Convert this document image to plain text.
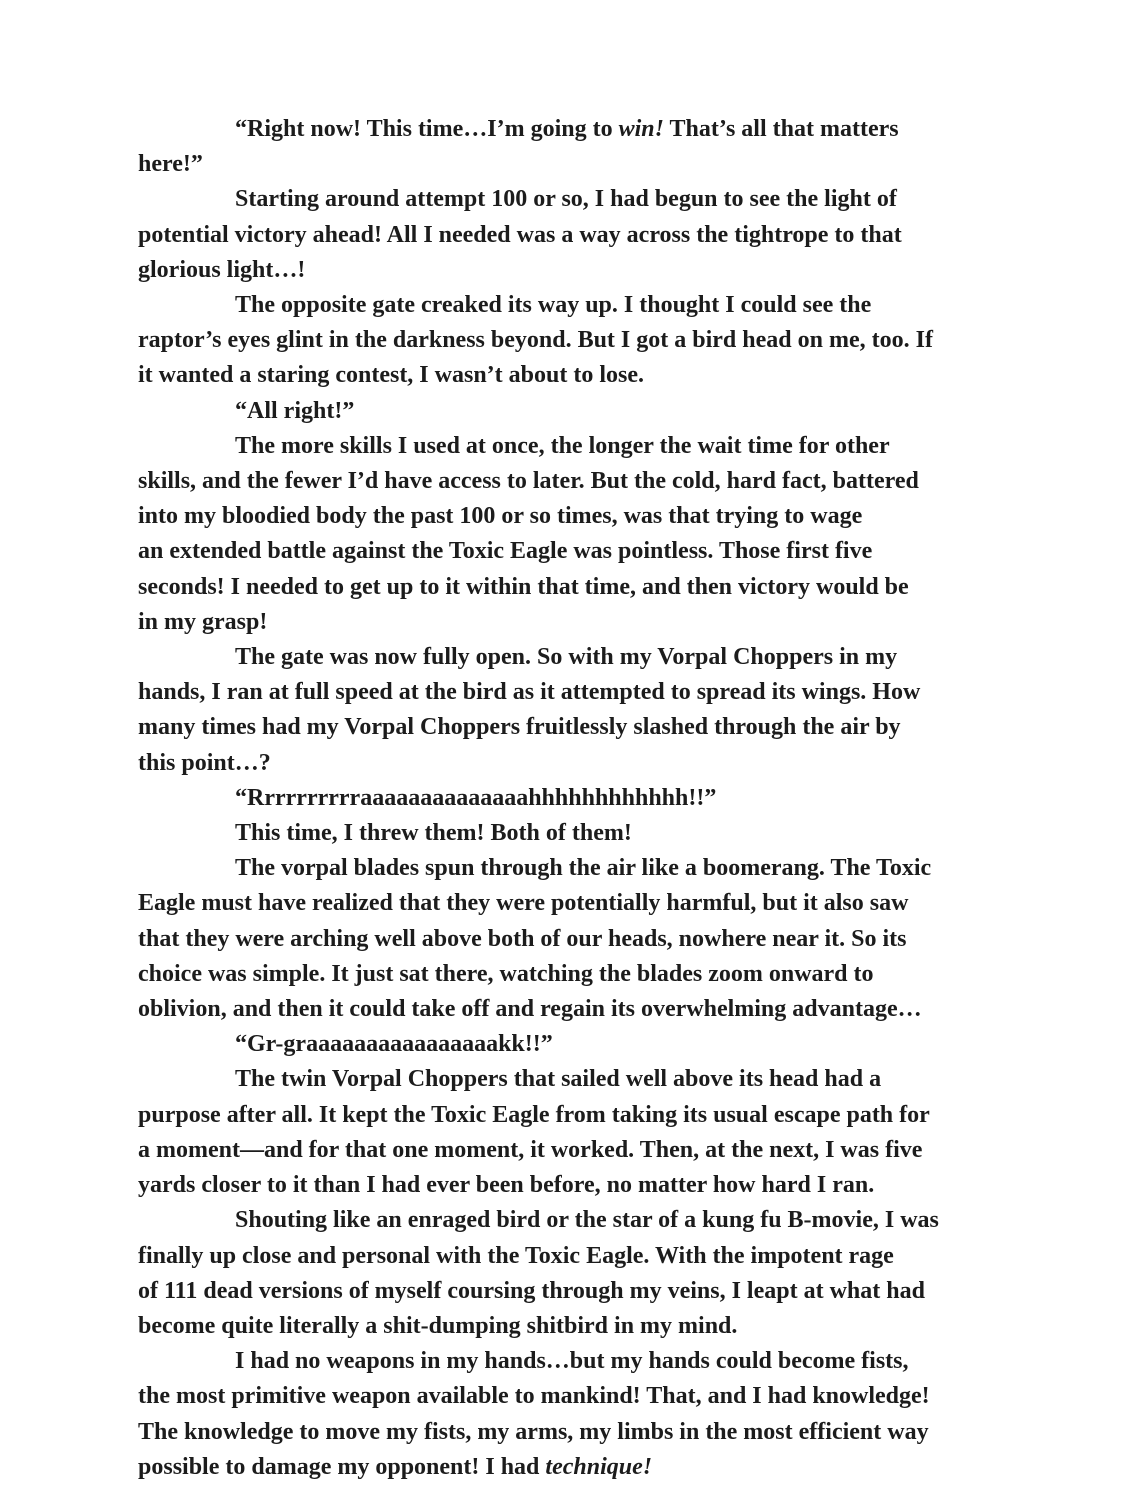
“Right now! This time…I’m going to win! That’s all that matters
here!”

Starting around attempt 100 or so, I had begun to see the light of
potential victory ahead! All I needed was a way across the tightrope to that
glorious light…!

The opposite gate creaked its way up. I thought I could see the
raptor’s eyes glint in the darkness beyond. But I got a bird head on me, too. If
it wanted a staring contest, I wasn’t about to lose.

“All right!”

The more skills I used at once, the longer the wait time for other
skills, and the fewer I’d have access to later. But the cold, hard fact, battered
into my bloodied body the past 100 or so times, was that trying to wage
an extended battle against the Toxic Eagle was pointless. Those first five
seconds! I needed to get up to it within that time, and then victory would be
in my grasp!

The gate was now fully open. So with my Vorpal Choppers in my
hands, I ran at full speed at the bird as it attempted to spread its wings. How
many times had my Vorpal Choppers fruitlessly slashed through the air by
this point…?

“Rrrrrrrrrraaaaaaaaaaaaaahhhhhhhhhhhh!!”

This time, I threw them! Both of them!

The vorpal blades spun through the air like a boomerang. The Toxic
Eagle must have realized that they were potentially harmful, but it also saw
that they were arching well above both of our heads, nowhere near it. So its
choice was simple. It just sat there, watching the blades zoom onward to
oblivion, and then it could take off and regain its overwhelming advantage…

“Gr-graaaaaaaaaaaaaaaakk!!”

The twin Vorpal Choppers that sailed well above its head had a
purpose after all. It kept the Toxic Eagle from taking its usual escape path for
a moment—and for that one moment, it worked. Then, at the next, I was five
yards closer to it than I had ever been before, no matter how hard I ran.

Shouting like an enraged bird or the star of a kung fu B-movie, I was
finally up close and personal with the Toxic Eagle. With the impotent rage
of 111 dead versions of myself coursing through my veins, I leapt at what had
become quite literally a shit-dumping shitbird in my mind.

I had no weapons in my hands…but my hands could become fists,
the most primitive weapon available to mankind! That, and I had knowledge!
The knowledge to move my fists, my arms, my limbs in the most efficient way
possible to damage my opponent! I had technique!
